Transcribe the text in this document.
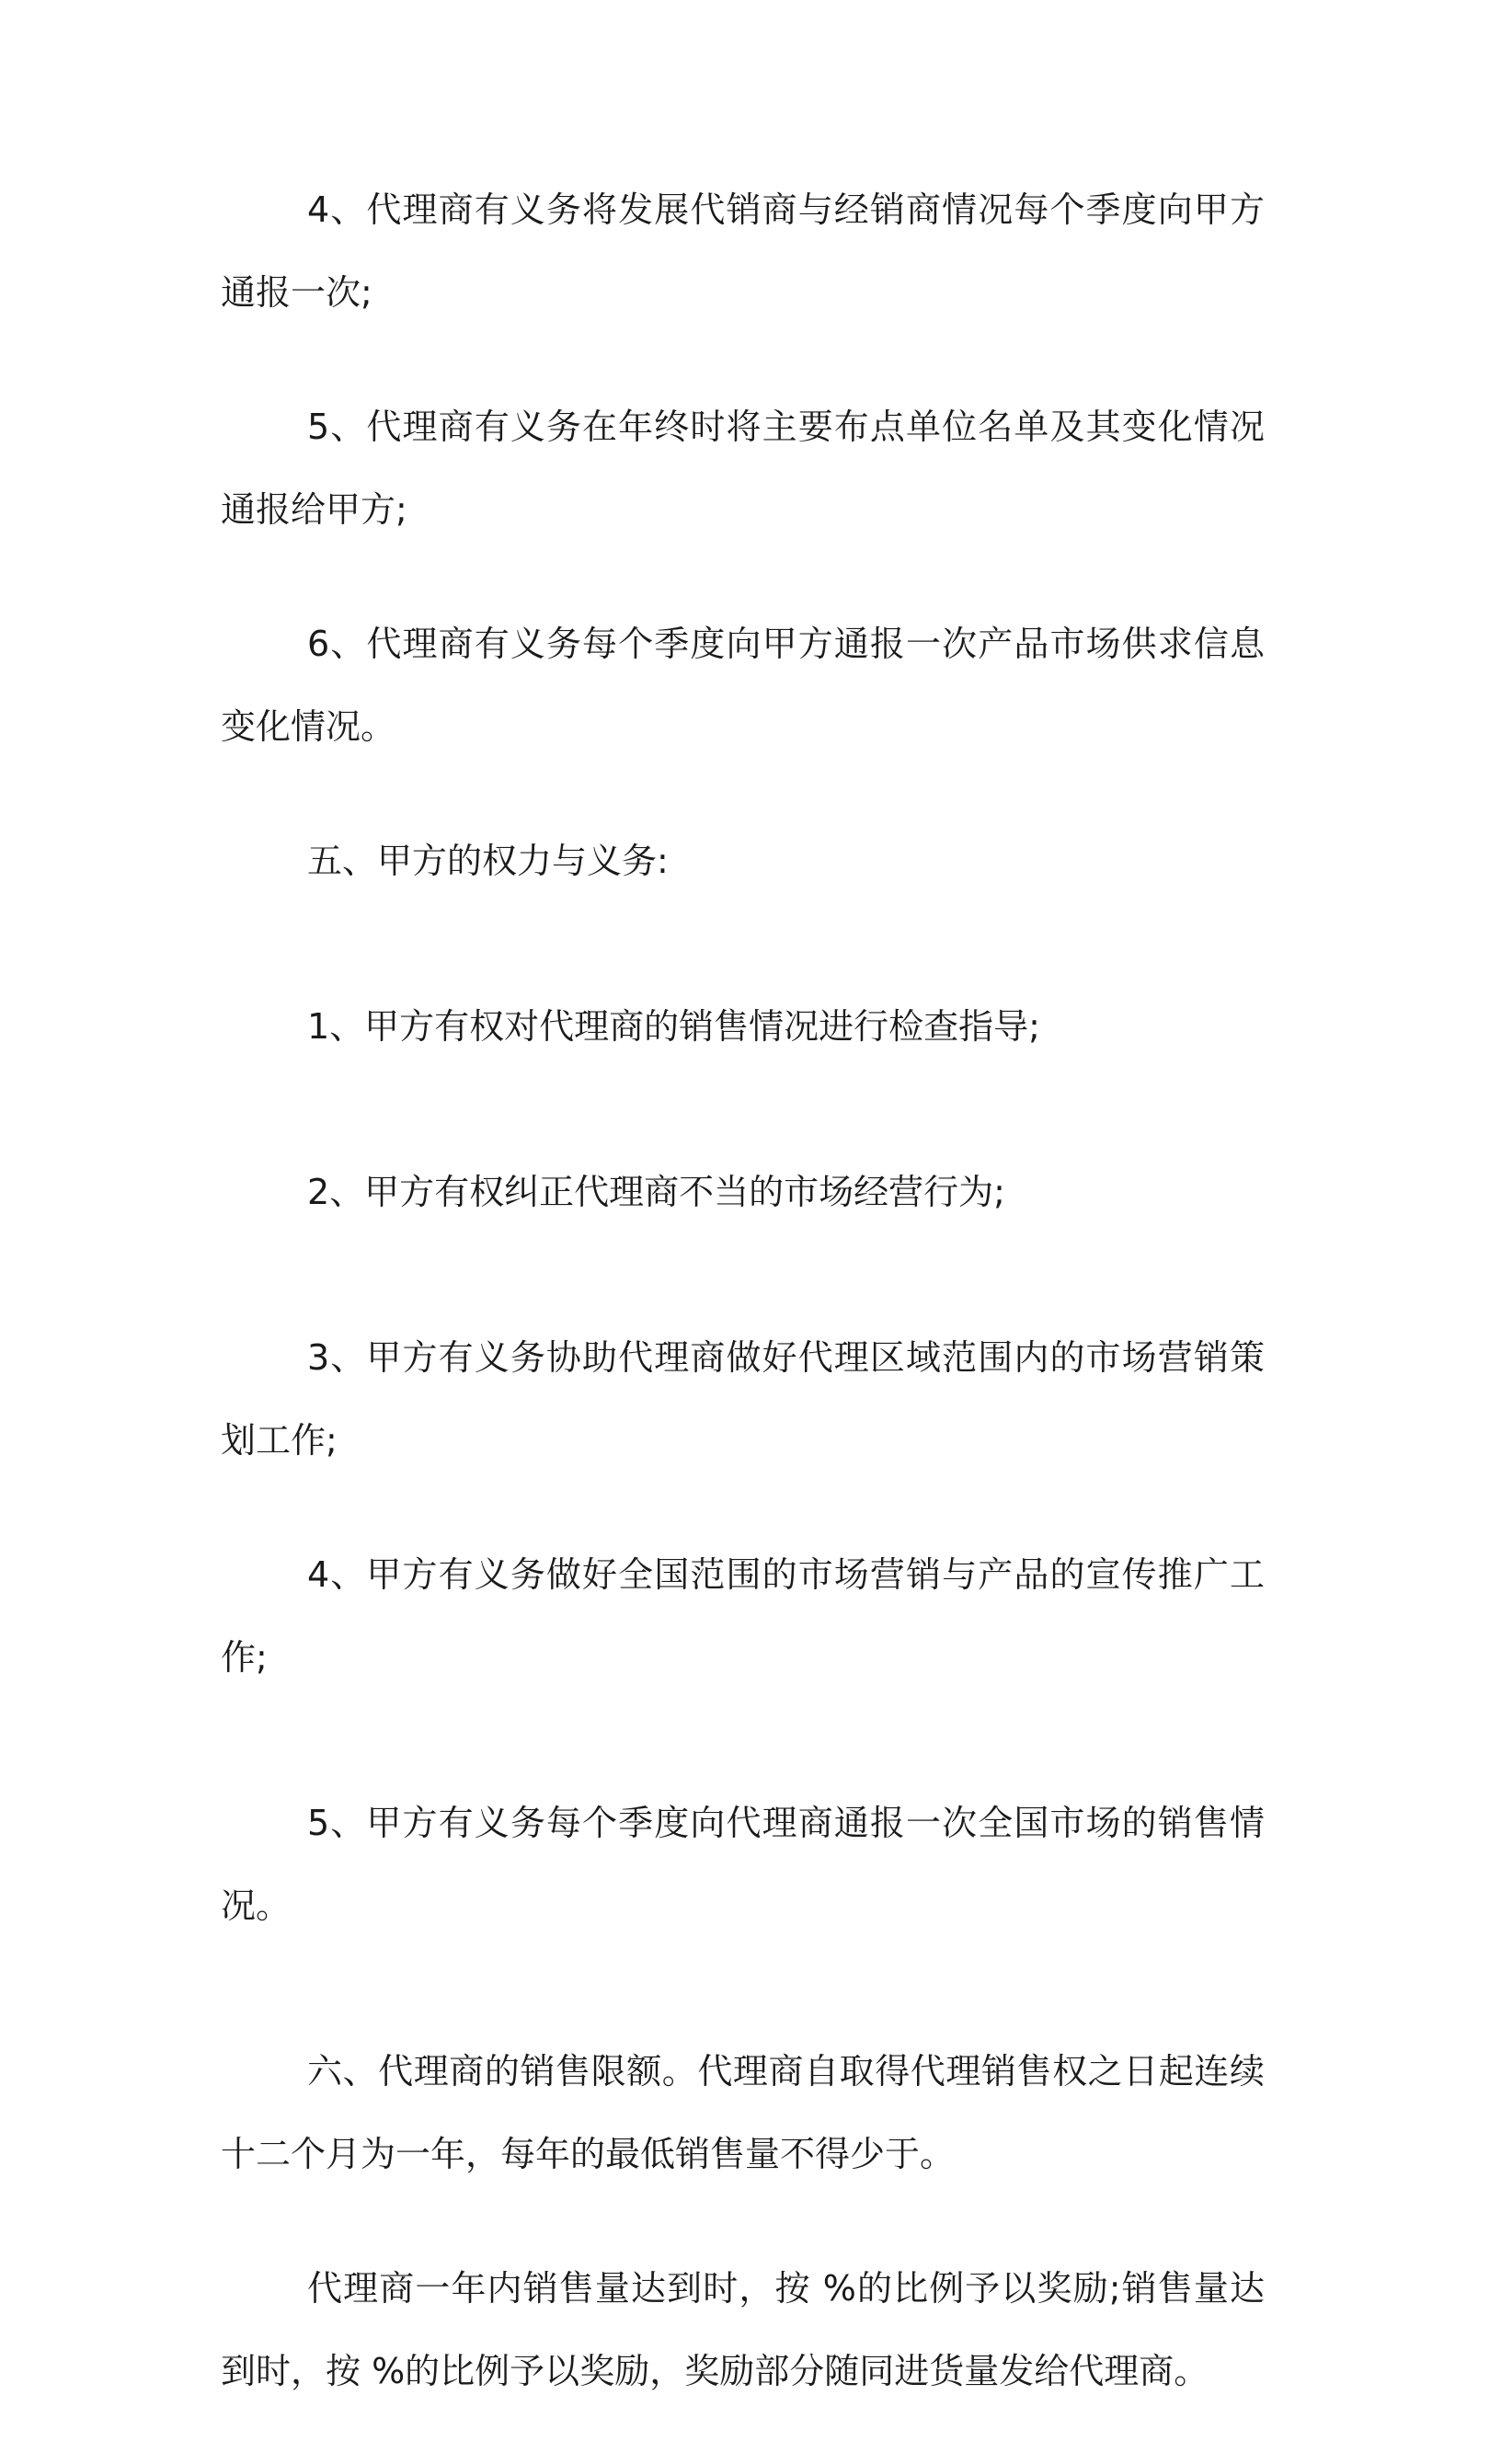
4、代理商有义务将发展代销商与经销商情况每个季度向甲方通报一次;

5、代理商有义务在年终时将主要布点单位名单及其变化情况通报给甲方;

6、代理商有义务每个季度向甲方通报一次产品市场供求信息变化情况。

五、甲方的权力与义务:

1、甲方有权对代理商的销售情况进行检查指导;

2、甲方有权纠正代理商不当的市场经营行为;

3、甲方有义务协助代理商做好代理区域范围内的市场营销策划工作;

4、甲方有义务做好全国范围的市场营销与产品的宣传推广工作;

5、甲方有义务每个季度向代理商通报一次全国市场的销售情况。

六、代理商的销售限额。代理商自取得代理销售权之日起连续十二个月为一年，每年的最低销售量不得少于。

代理商一年内销售量达到时，按 %的比例予以奖励;销售量达到时，按 %的比例予以奖励，奖励部分随同进货量发给代理商。
